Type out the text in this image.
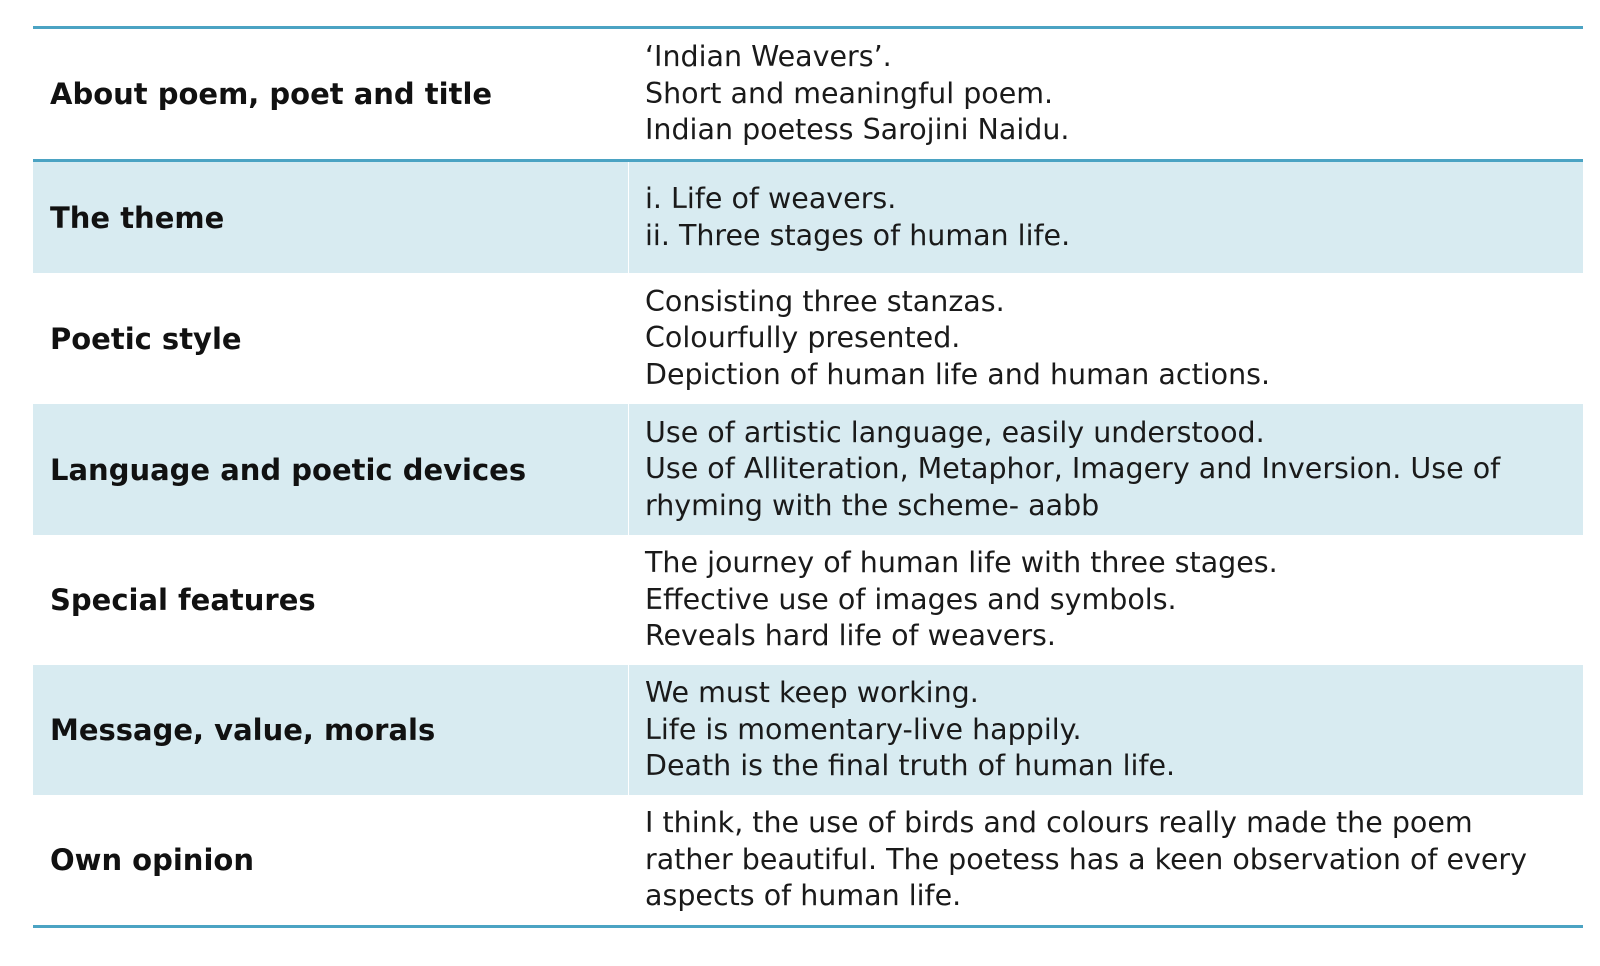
About poem, poet and title
‘Indian Weavers’.
Short and meaningful poem.
Indian poetess Sarojini Naidu.
The theme
i. Life of weavers.
ii. Three stages of human life.
Poetic style
Consisting three stanzas.
Colourfully presented.
Depiction of human life and human actions.
Language and poetic devices
Use of artistic language, easily understood.
Use of Alliteration, Metaphor, Imagery and Inversion. Use of
rhyming with the scheme- aabb
Special features
The journey of human life with three stages.
Effective use of images and symbols.
Reveals hard life of weavers.
Message, value, morals
We must keep working.
Life is momentary-live happily.
Death is the final truth of human life.
Own opinion
I think, the use of birds and colours really made the poem
rather beautiful. The poetess has a keen observation of every
aspects of human life.
